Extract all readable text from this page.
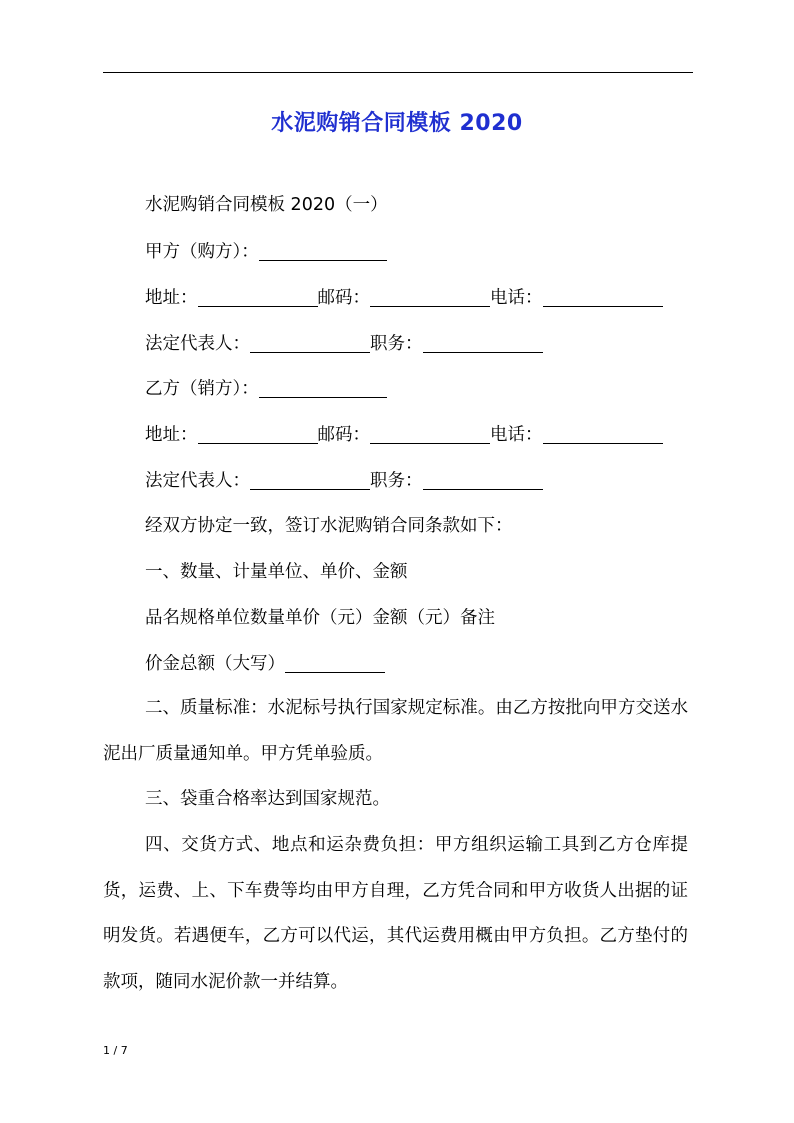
水泥购销合同模板 2020
水泥购销合同模板 2020（一）
甲方（购方）：
地址：	邮码：	电话：
法定代表人：	职务：
乙方（销方）：
地址：	邮码：	电话：
法定代表人：	职务：
经双方协定一致，签订水泥购销合同条款如下：
一、数量、计量单位、单价、金额
品名规格单位数量单价（元）金额（元）备注
价金总额（大写）
二、质量标准：水泥标号执行国家规定标准。由乙方按批向甲方交送水泥出厂质量通知单。甲方凭单验质。
三、袋重合格率达到国家规范。
四、交货方式、地点和运杂费负担：甲方组织运输工具到乙方仓库提货，运费、上、下车费等均由甲方自理，乙方凭合同和甲方收货人出据的证明发货。若遇便车，乙方可以代运，其代运费用概由甲方负担。乙方垫付的款项，随同水泥价款一并结算。
1 / 7
